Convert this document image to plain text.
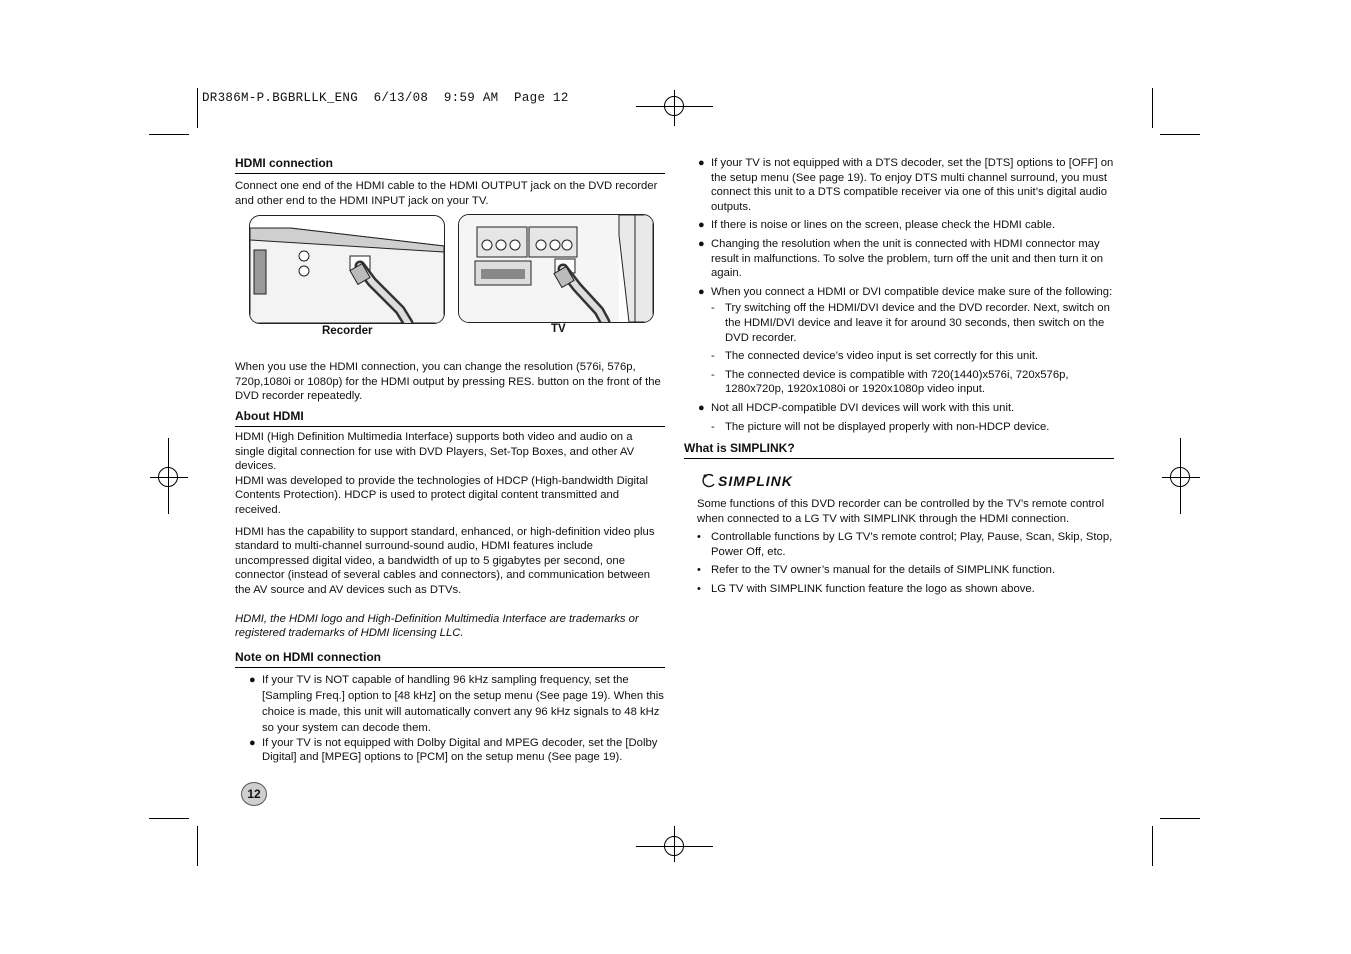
DR386M-P.BGBRLLK_ENG  6/13/08  9:59 AM  Page 12
HDMI connection

Connect one end of the HDMI cable to the HDMI OUTPUT jack on the DVD recorder and other end to the HDMI INPUT jack on your TV.

When you use the HDMI connection, you can change the resolution (576i, 576p, 720p,1080i or 1080p) for the HDMI output by pressing RES. button on the front of the DVD recorder repeatedly.

About HDMI

HDMI (High Definition Multimedia Interface) supports both video and audio on a single digital connection for use with DVD Players, Set-Top Boxes, and other AV devices.

HDMI was developed to provide the technologies of HDCP (High-bandwidth Digital Contents Protection). HDCP is used to protect digital content transmitted and received.

HDMI has the capability to support standard, enhanced, or high-definition video plus standard to multi-channel surround-sound audio, HDMI features include uncompressed digital video, a bandwidth of up to 5 gigabytes per second, one connector (instead of several cables and connectors), and communication between the AV source and AV devices such as DTVs.

HDMI, the HDMI logo and High-Definition Multimedia Interface are trademarks or registered trademarks of HDMI licensing LLC.

Note on HDMI connection
● If your TV is NOT capable of handling 96 kHz sampling frequency, set the [Sampling Freq.] option to [48 kHz] on the setup menu (See page 19). When this choice is made, this unit will automatically convert any 96 kHz signals to 48 kHz so your system can decode them.
● If your TV is not equipped with Dolby Digital and MPEG decoder, set the [Dolby Digital] and [MPEG] options to [PCM] on the setup menu (See page 19).
Recorder	TV
12
● If your TV is not equipped with a DTS decoder, set the [DTS] options to [OFF] on the setup menu (See page 19). To enjoy DTS multi channel surround, you must connect this unit to a DTS compatible receiver via one of this unit’s digital audio outputs.
● If there is noise or lines on the screen, please check the HDMI cable.
● Changing the resolution when the unit is connected with HDMI connector may result in malfunctions. To solve the problem, turn off the unit and then turn it on again.
● When you connect a HDMI or DVI compatible device make sure of the following:
- Try switching off the HDMI/DVI device and the DVD recorder. Next, switch on the HDMI/DVI device and leave it for around 30 seconds, then switch on the DVD recorder.
- The connected device’s video input is set correctly for this unit.
- The connected device is compatible with 720(1440)x576i, 720x576p, 1280x720p, 1920x1080i or 1920x1080p video input.
● Not all HDCP-compatible DVI devices will work with this unit.
- The picture will not be displayed properly with non-HDCP device.
What is SIMPLINK?
SIMPLINK

Some functions of this DVD recorder can be controlled by the TV’s remote control when connected to a LG TV with SIMPLINK through the HDMI connection.

• Controllable functions by LG TV’s remote control; Play, Pause, Scan, Skip, Stop, Power Off, etc.
• Refer to the TV owner’s manual for the details of SIMPLINK function.
• LG TV with SIMPLINK function feature the logo as shown above.
